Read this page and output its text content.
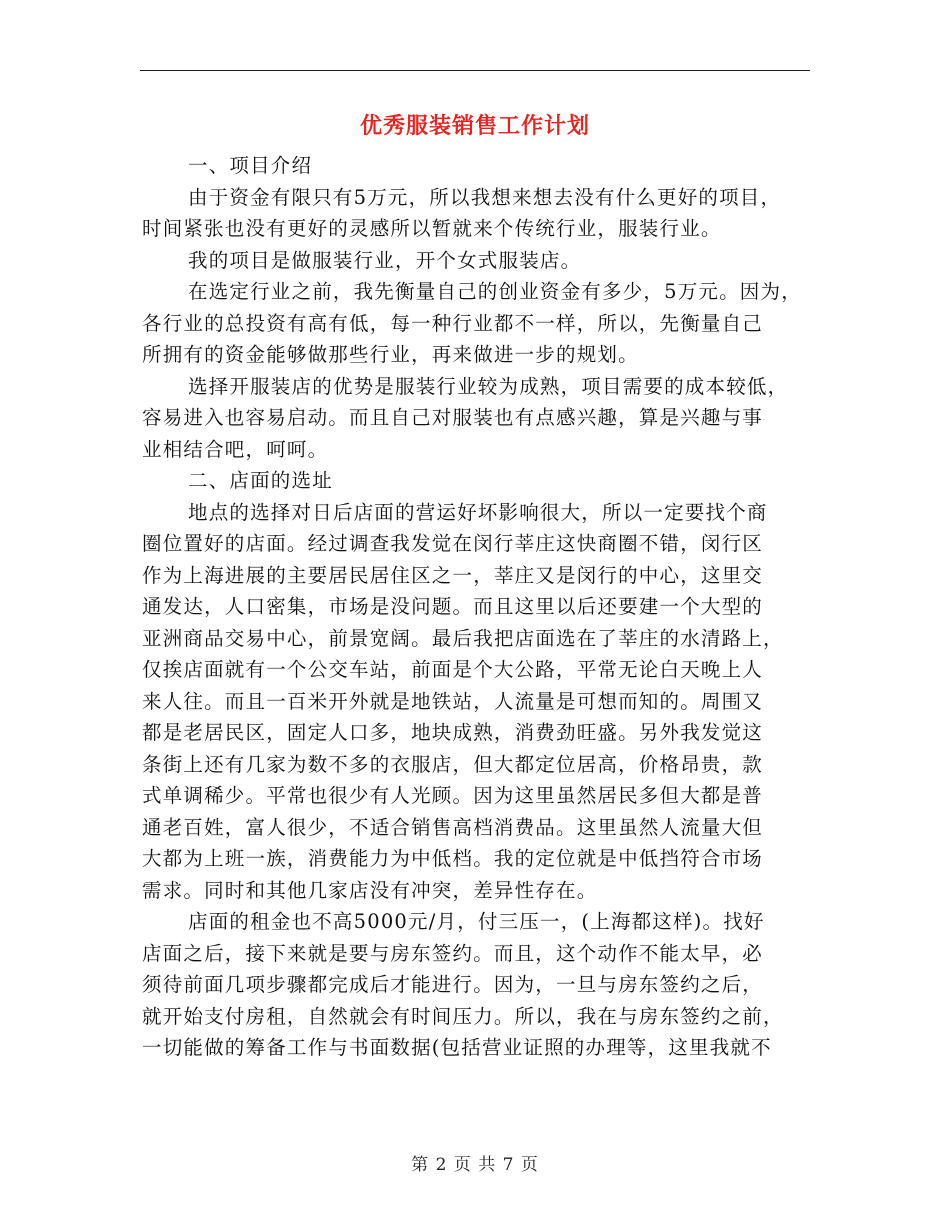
优秀服装销售工作计划
一、项目介绍
由于资金有限只有5万元，所以我想来想去没有什么更好的项目，
时间紧张也没有更好的灵感所以暂就来个传统行业，服装行业。
我的项目是做服装行业，开个女式服装店。
在选定行业之前，我先衡量自己的创业资金有多少，5万元。因为，
各行业的总投资有高有低，每一种行业都不一样，所以，先衡量自己
所拥有的资金能够做那些行业，再来做进一步的规划。
选择开服装店的优势是服装行业较为成熟，项目需要的成本较低，
容易进入也容易启动。而且自己对服装也有点感兴趣，算是兴趣与事
业相结合吧，呵呵。
二、店面的选址
地点的选择对日后店面的营运好坏影响很大，所以一定要找个商
圈位置好的店面。经过调查我发觉在闵行莘庄这快商圈不错，闵行区
作为上海进展的主要居民居住区之一，莘庄又是闵行的中心，这里交
通发达，人口密集，市场是没问题。而且这里以后还要建一个大型的
亚洲商品交易中心，前景宽阔。最后我把店面选在了莘庄的水清路上，
仅挨店面就有一个公交车站，前面是个大公路，平常无论白天晚上人
来人往。而且一百米开外就是地铁站，人流量是可想而知的。周围又
都是老居民区，固定人口多，地块成熟，消费劲旺盛。另外我发觉这
条街上还有几家为数不多的衣服店，但大都定位居高，价格昂贵，款
式单调稀少。平常也很少有人光顾。因为这里虽然居民多但大都是普
通老百姓，富人很少，不适合销售高档消费品。这里虽然人流量大但
大都为上班一族，消费能力为中低档。我的定位就是中低挡符合市场
需求。同时和其他几家店没有冲突，差异性存在。
店面的租金也不高5000元/月，付三压一，(上海都这样)。找好
店面之后，接下来就是要与房东签约。而且，这个动作不能太早，必
须待前面几项步骤都完成后才能进行。因为，一旦与房东签约之后，
就开始支付房租，自然就会有时间压力。所以，我在与房东签约之前，
一切能做的筹备工作与书面数据(包括营业证照的办理等，这里我就不
第 2 页 共 7 页
